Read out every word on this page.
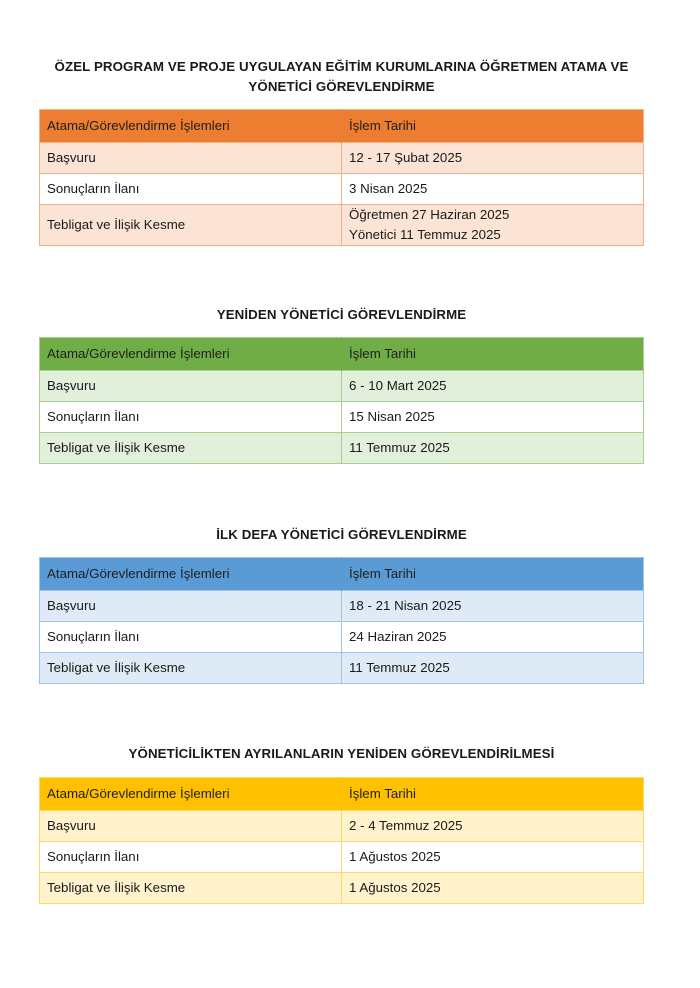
ÖZEL PROGRAM VE PROJE UYGULAYAN EĞİTİM KURUMLARINA ÖĞRETMEN ATAMA VE
YÖNETİCİ GÖREVLENDİRME
Atama/Görevlendirme İşlemleri	İşlem Tarihi
Başvuru	12 - 17 Şubat 2025
Sonuçların İlanı	3 Nisan 2025
Tebligat ve İlişik Kesme	Öğretmen 27 Haziran 2025
Yönetici 11 Temmuz 2025
YENİDEN YÖNETİCİ GÖREVLENDİRME
Atama/Görevlendirme İşlemleri	İşlem Tarihi
Başvuru	6 - 10 Mart 2025
Sonuçların İlanı	15 Nisan 2025
Tebligat ve İlişik Kesme	11 Temmuz 2025
İLK DEFA YÖNETİCİ GÖREVLENDİRME
Atama/Görevlendirme İşlemleri	İşlem Tarihi
Başvuru	18 - 21 Nisan 2025
Sonuçların İlanı	24 Haziran 2025
Tebligat ve İlişik Kesme	11 Temmuz 2025
YÖNETİCİLİKTEN AYRILANLARIN YENİDEN GÖREVLENDİRİLMESİ
Atama/Görevlendirme İşlemleri	İşlem Tarihi
Başvuru	2 - 4 Temmuz 2025
Sonuçların İlanı	1 Ağustos 2025
Tebligat ve İlişik Kesme	1 Ağustos 2025
